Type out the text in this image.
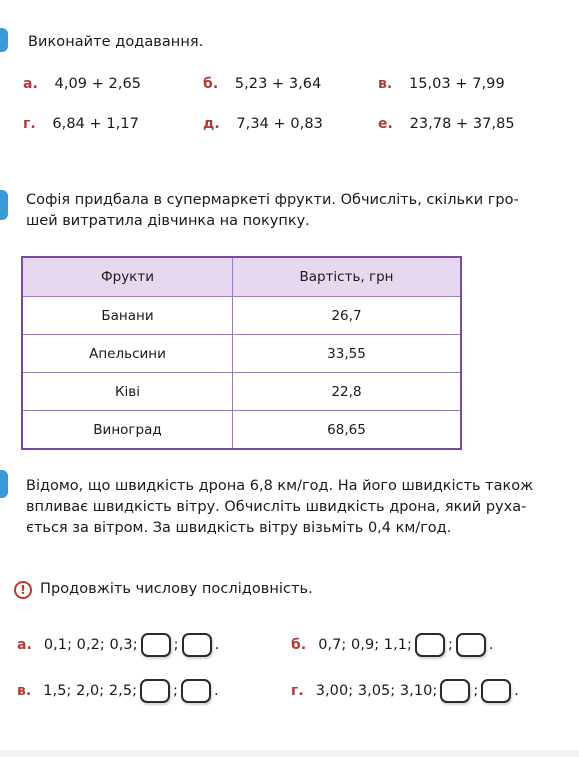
Виконайте додавання.
а. 4,09 + 2,65	б. 5,23 + 3,64	в. 15,03 + 7,99
г. 6,84 + 1,17	д. 7,34 + 0,83	е. 23,78 + 37,85
Софія придбала в супермаркеті фрукти. Обчисліть, скільки гро-
шей витратила дівчинка на покупку.
Фрукти	Вартість, грн
Банани	26,7
Апельсини	33,55
Ківі	22,8
Виноград	68,65
Відомо, що швидкість дрона 6,8 км/год. На його швидкість також
впливає швидкість вітру. Обчисліть швидкість дрона, який руха-
ється за вітром. За швидкість вітру візьміть 0,4 км/год.
! Продовжіть числову послідовність.
а. 0,1; 0,2; 0,3; ; .	б. 0,7; 0,9; 1,1; ; .
в. 1,5; 2,0; 2,5; ; .	г. 3,00; 3,05; 3,10; ; .
